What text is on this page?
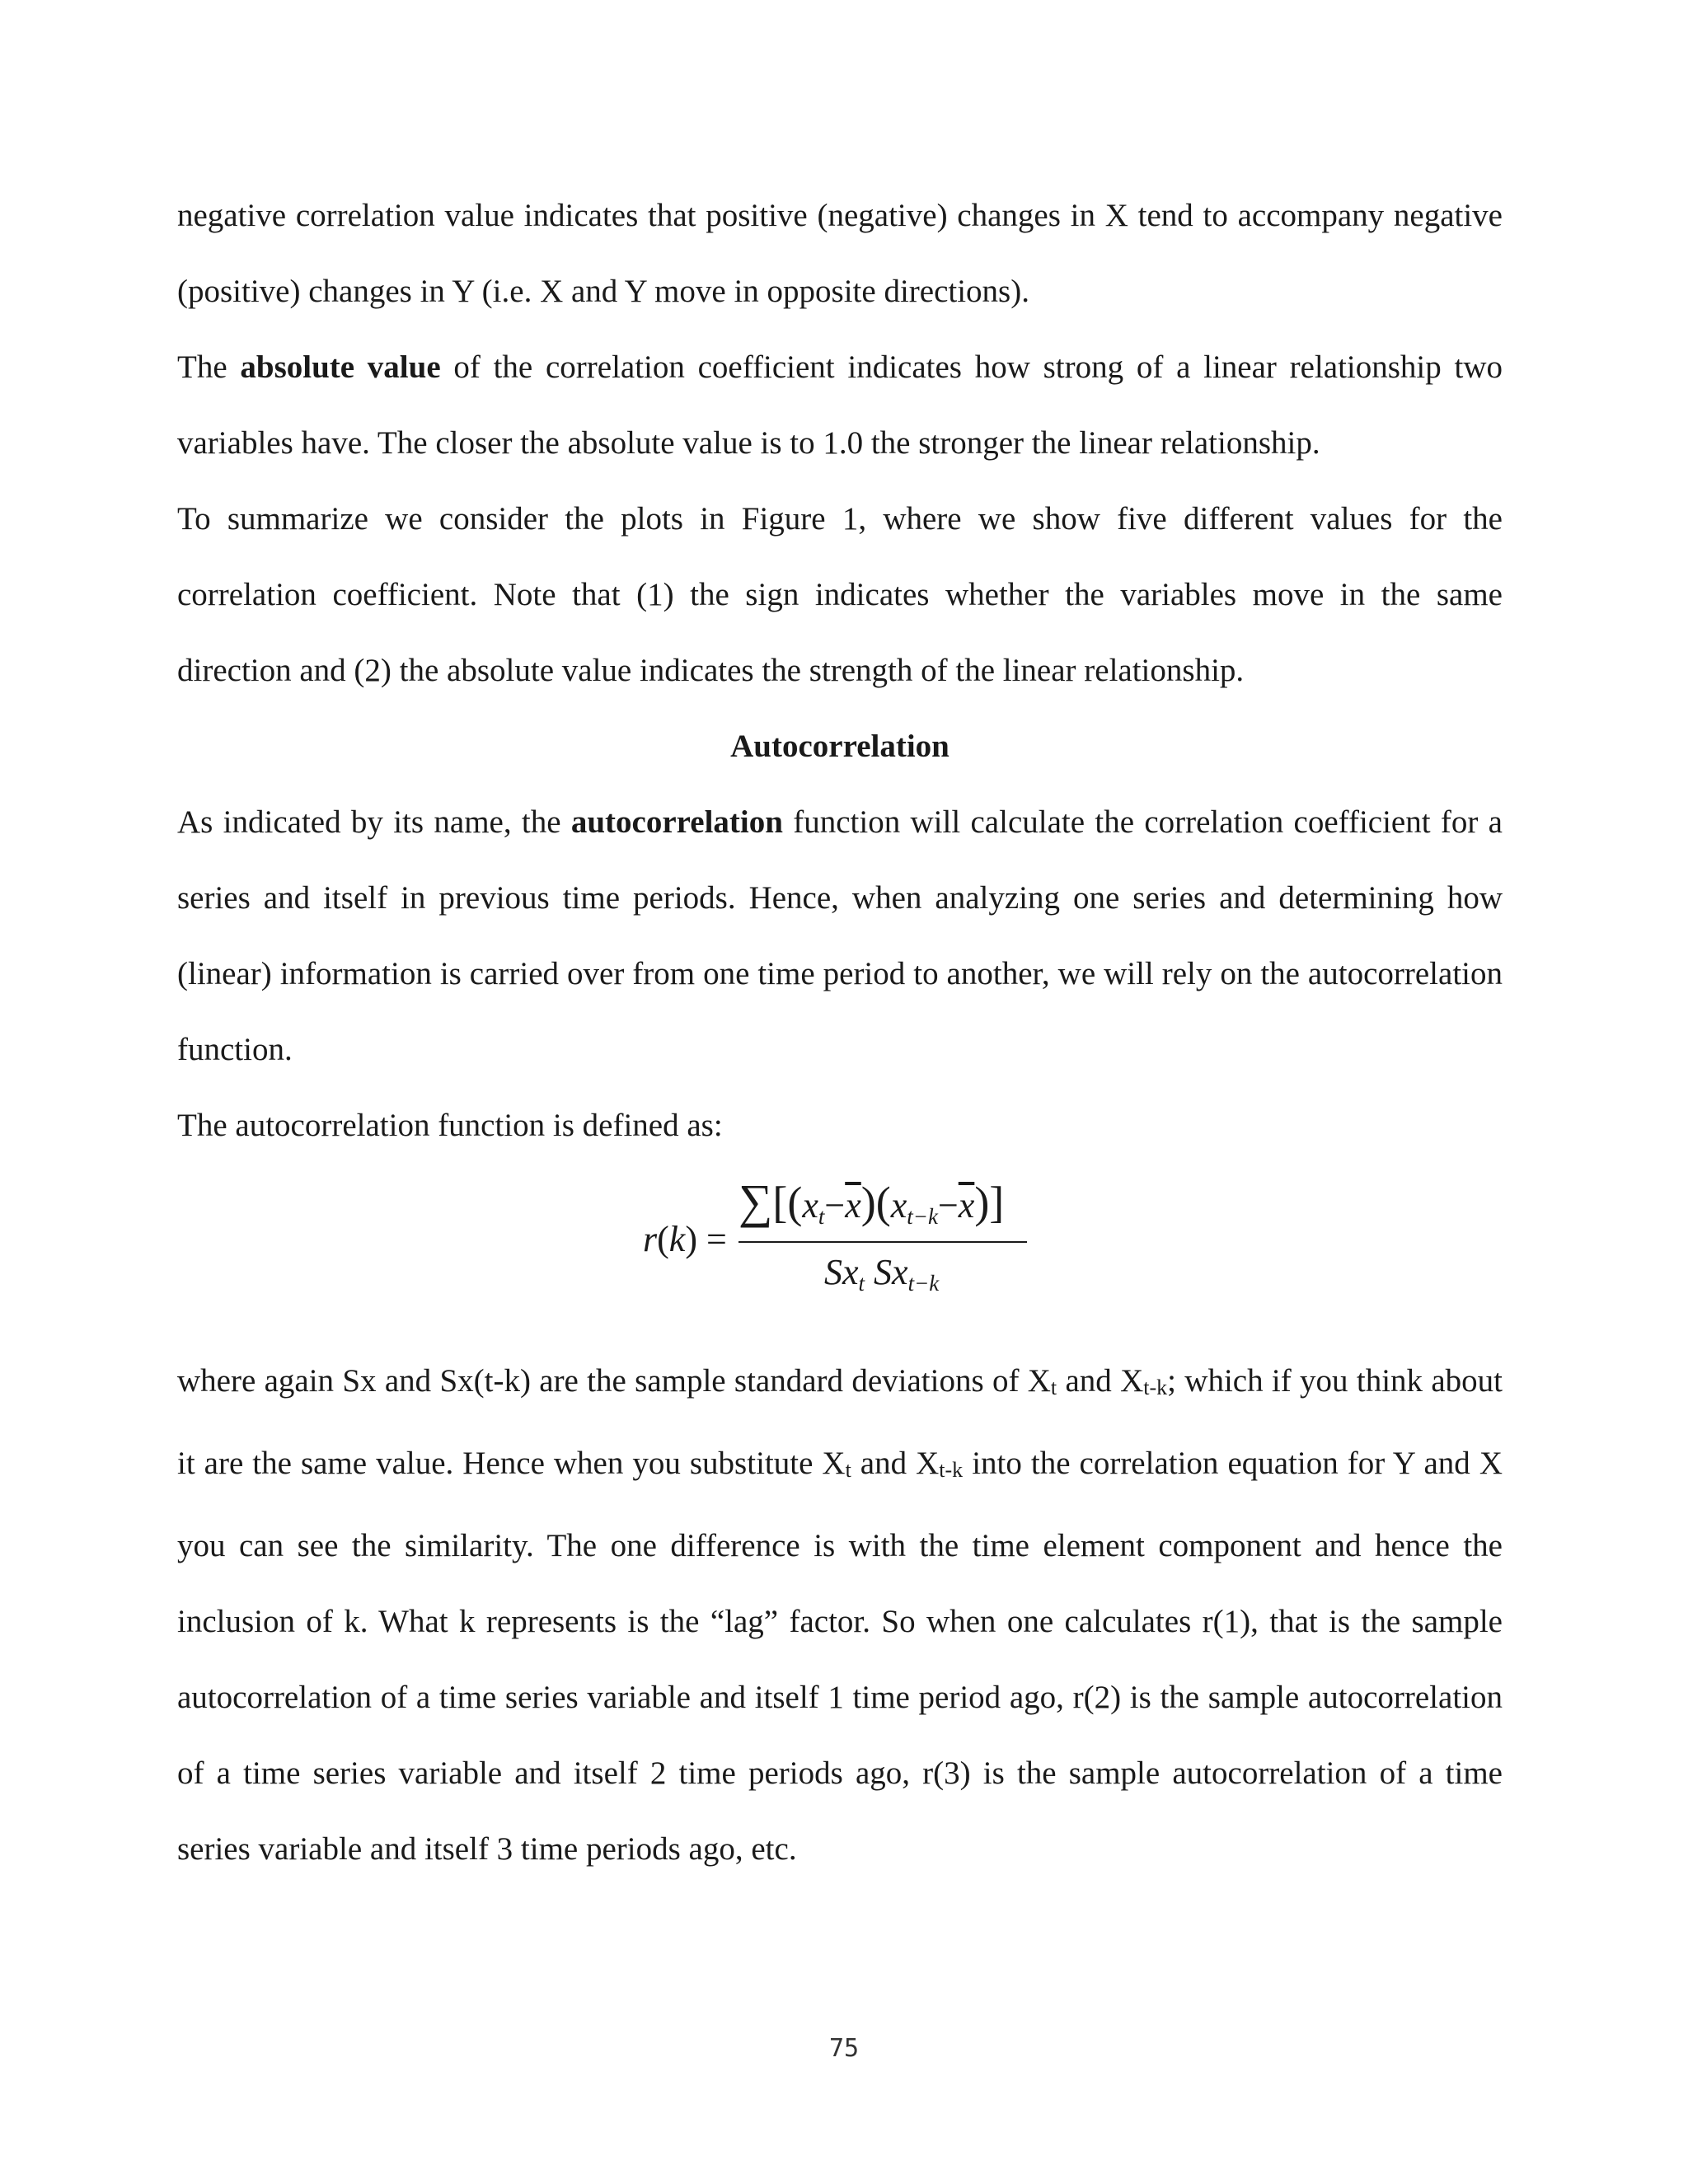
negative correlation value indicates that positive (negative) changes in X tend to accompany negative (positive) changes in Y (i.e. X and Y move in opposite directions).

The absolute value of the correlation coefficient indicates how strong of a linear relationship two variables have. The closer the absolute value is to 1.0 the stronger the linear relationship.

To summarize we consider the plots in Figure 1, where we show five different values for the correlation coefficient. Note that (1) the sign indicates whether the variables move in the same direction and (2) the absolute value indicates the strength of the linear relationship.

Autocorrelation

As indicated by its name, the autocorrelation function will calculate the correlation coefficient for a series and itself in previous time periods. Hence, when analyzing one series and determining how (linear) information is carried over from one time period to another, we will rely on the autocorrelation function.

The autocorrelation function is defined as:

r(k) =
$\sum[(x_t-\overline{x})(x_{t-k}-\overline{x})]$
$Sx_t$ $Sx_{t-k}$

where again Sx and Sx(t-k) are the sample standard deviations of Xt and Xt-k; which if you think about it are the same value. Hence when you substitute Xt and Xt-k into the correlation equation for Y and X you can see the similarity. The one difference is with the time element component and hence the inclusion of k. What k represents is the “lag” factor. So when one calculates r(1), that is the sample autocorrelation of a time series variable and itself 1 time period ago, r(2) is the sample autocorrelation of a time series variable and itself 2 time periods ago, r(3) is the sample autocorrelation of a time series variable and itself 3 time periods ago, etc.

75
